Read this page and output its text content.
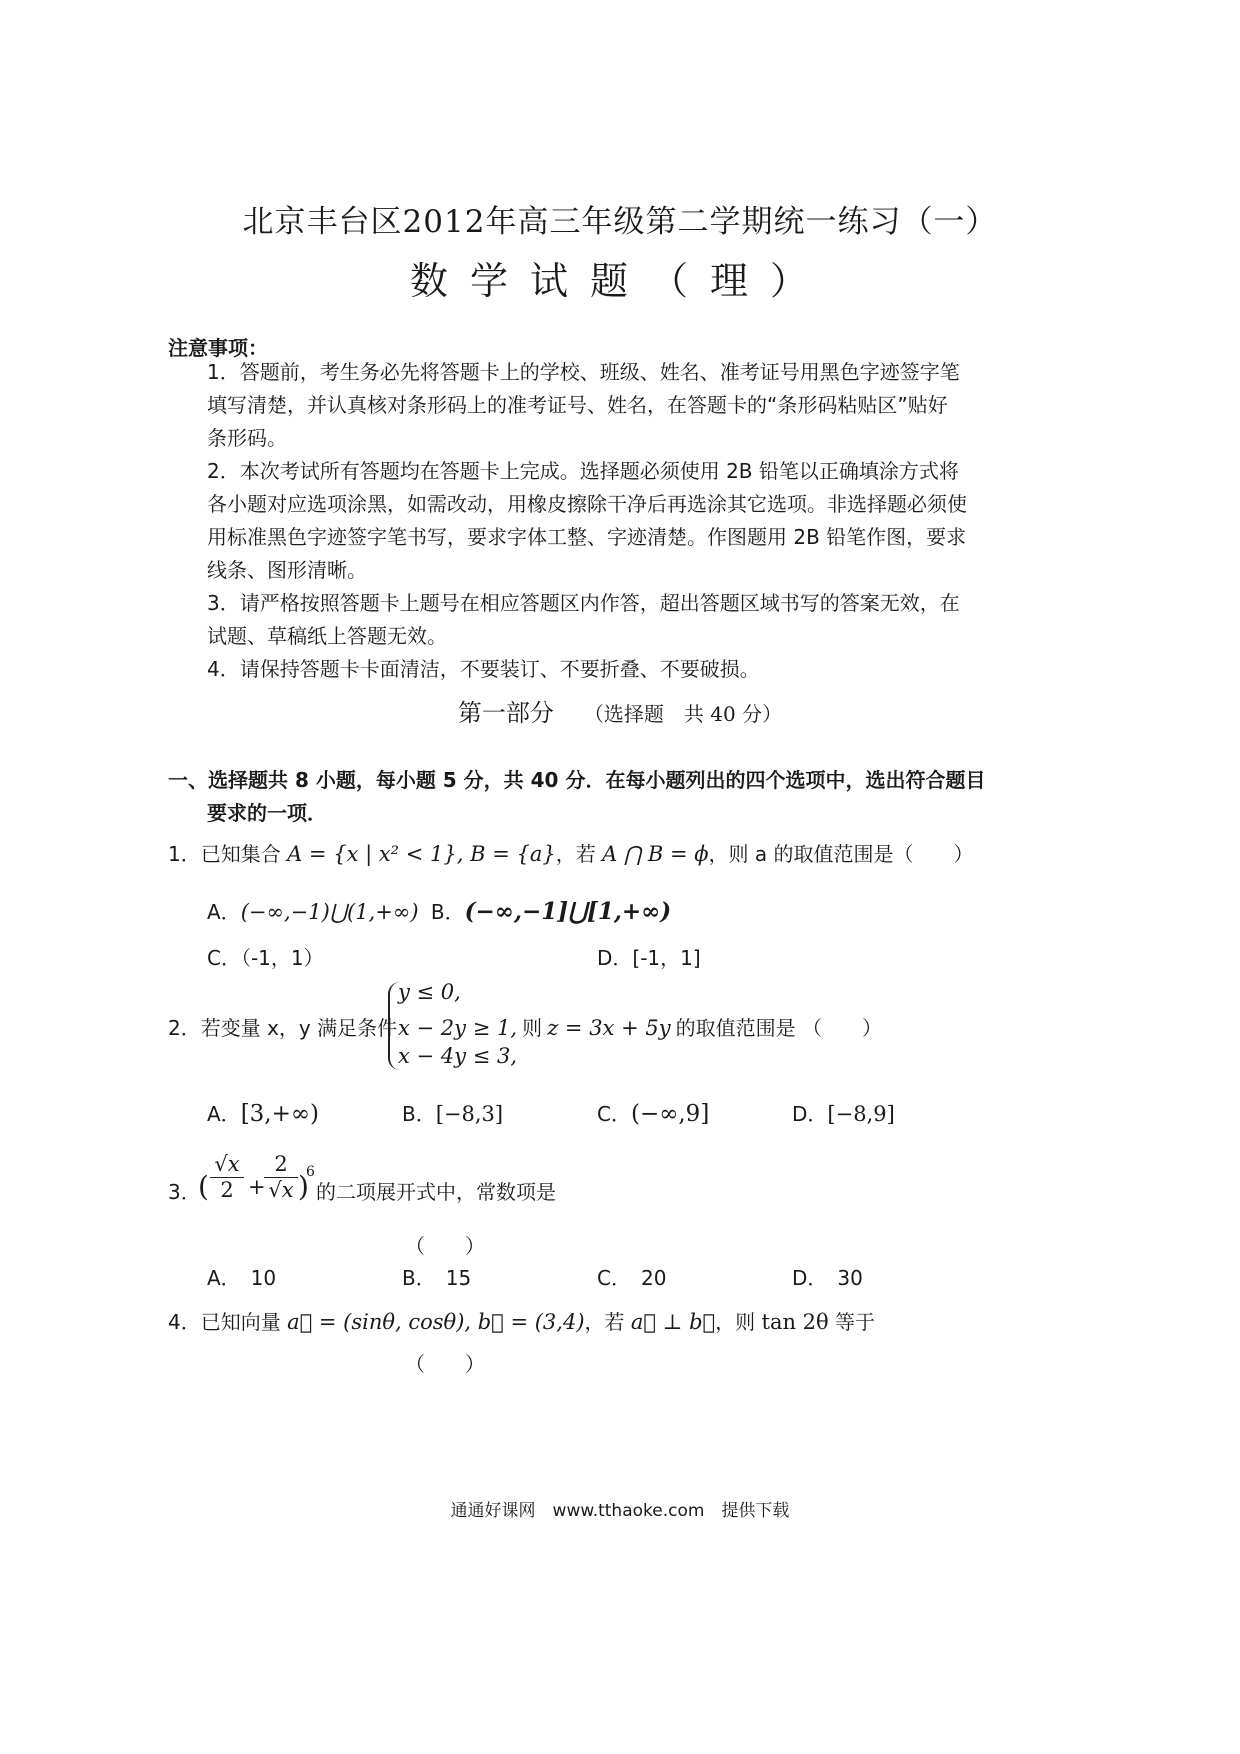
北京丰台区2012年高三年级第二学期统一练习（一）
数学试题（理）
注意事项：
1．答题前，考生务必先将答题卡上的学校、班级、姓名、准考证号用黑色字迹签字笔
填写清楚，并认真核对条形码上的准考证号、姓名，在答题卡的“条形码粘贴区”贴好
条形码。
2．本次考试所有答题均在答题卡上完成。选择题必须使用 2B 铅笔以正确填涂方式将
各小题对应选项涂黑，如需改动，用橡皮擦除干净后再选涂其它选项。非选择题必须使
用标准黑色字迹签字笔书写，要求字体工整、字迹清楚。作图题用 2B 铅笔作图，要求
线条、图形清晰。
3．请严格按照答题卡上题号在相应答题区内作答，超出答题区域书写的答案无效，在
试题、草稿纸上答题无效。
4．请保持答题卡卡面清洁，不要装订、不要折叠、不要破损。
第一部分 （选择题　共 40 分）
一、选择题共 8 小题，每小题 5 分，共 40 分．在每小题列出的四个选项中，选出符合题目
要求的一项．
1．已知集合 A = {x | x² < 1}, B = {a}，若 A ⋂ B = ϕ，则 a 的取值范围是（　　）
A．(−∞,−1)⋃(1,+∞) B．(−∞,−1]⋃[1,+∞)
C．（-1，1）	D．[-1，1]
2．若变量 x，y 满足条件
y ≤ 0,
x − 2y ≥ 1, 则 z = 3x + 5y 的取值范围是 （　　）
x − 4y ≤ 3,
A．[3,+∞)	B．[−8,3]	C．(−∞,9]	D．[−8,9]
3．
( $\frac{√x}{2}$ +
$\frac{2}{√x}$ )
6
的二项展开式中，常数项是
（　　）
A．　10	B．　15	C．　20	D．　30
4．已知向量 a⃗ = (sinθ, cosθ), b⃗ = (3,4)，若 a⃗ ⊥ b⃗，则 tan 2θ 等于
（　　）
通通好课网　www.tthaoke.com　提供下载
